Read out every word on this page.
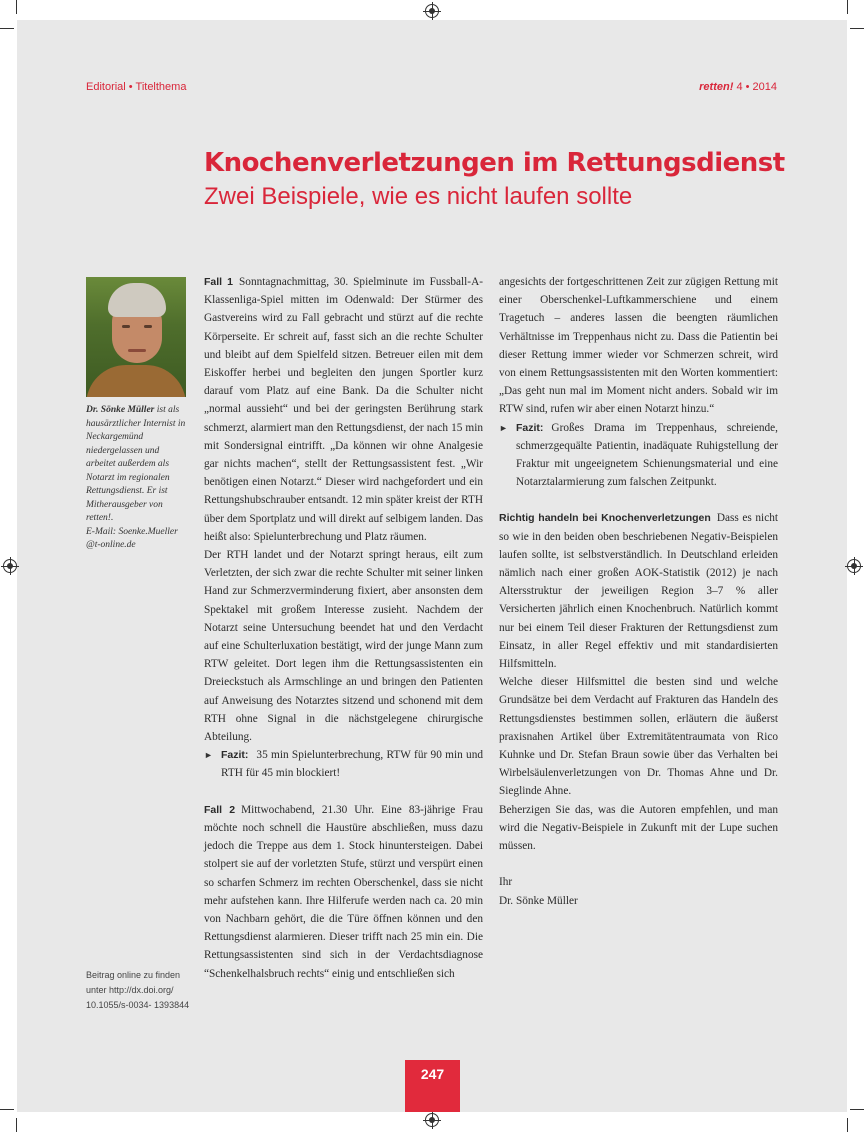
Editorial • Titelthema	retten! 4 • 2014
Knochenverletzungen im Rettungsdienst
Zwei Beispiele, wie es nicht laufen sollte
Dr. Sönke Müller ist als hausärztlicher Internist in Neckargemünd niedergelassen und arbeitet außerdem als Notarzt im regionalen Rettungsdienst. Er ist Mitherausgeber von retten!.
E-Mail: Soenke.Mueller @t-online.de
Beitrag online zu finden unter http://dx.doi.org/ 10.1055/s-0034- 1393844

Fall 1 Sonntagnachmittag, 30. Spielminute im Fussball-A-Klassenliga-Spiel mitten im Odenwald: Der Stürmer des Gastvereins wird zu Fall gebracht und stürzt auf die rechte Körperseite. Er schreit auf, fasst sich an die rechte Schulter und bleibt auf dem Spielfeld sitzen. Betreuer eilen mit dem Eiskoffer herbei und begleiten den jungen Sportler kurz darauf vom Platz auf eine Bank. Da die Schulter nicht „normal aussieht“ und bei der geringsten Berührung stark schmerzt, alarmiert man den Rettungsdienst, der nach 15 min mit Sondersignal eintrifft. „Da können wir ohne Analgesie gar nichts machen“, stellt der Rettungsassistent fest. „Wir benötigen einen Notarzt.“ Dieser wird nachgefordert und ein Rettungshubschrauber entsandt. 12 min später kreist der RTH über dem Sportplatz und will direkt auf selbigem landen. Das heißt also: Spielunterbrechung und Platz räumen.

Der RTH landet und der Notarzt springt heraus, eilt zum Verletzten, der sich zwar die rechte Schulter mit seiner linken Hand zur Schmerzverminderung fixiert, aber ansonsten dem Spektakel mit großem Interesse zusieht. Nachdem der Notarzt seine Untersuchung beendet hat und den Verdacht auf eine Schulterluxation bestätigt, wird der junge Mann zum RTW geleitet. Dort legen ihm die Rettungsassistenten ein Dreieckstuch als Armschlinge an und bringen den Patienten auf Anweisung des Notarztes sitzend und schonend mit dem RTH ohne Signal in die nächstgelegene chirurgische Abteilung.

► Fazit: 35 min Spielunterbrechung, RTW für 90 min und RTH für 45 min blockiert!

Fall 2 Mittwochabend, 21.30 Uhr. Eine 83-jährige Frau möchte noch schnell die Haustüre abschließen, muss dazu jedoch die Treppe aus dem 1. Stock hinuntersteigen. Dabei stolpert sie auf der vorletzten Stufe, stürzt und verspürt einen so scharfen Schmerz im rechten Oberschenkel, dass sie nicht mehr aufstehen kann. Ihre Hilferufe werden nach ca. 20 min von Nachbarn gehört, die die Türe öffnen können und den Rettungsdienst alarmieren. Dieser trifft nach 25 min ein. Die Rettungsassistenten sind sich in der Verdachtsdiagnose “Schenkelhalsbruch rechts“ einig und entschließen sich

angesichts der fortgeschrittenen Zeit zur zügigen Rettung mit einer Oberschenkel-Luftkammerschiene und einem Tragetuch – anderes lassen die beengten räumlichen Verhältnisse im Treppenhaus nicht zu. Dass die Patientin bei dieser Rettung immer wieder vor Schmerzen schreit, wird von einem Rettungsassistenten mit den Worten kommentiert: „Das geht nun mal im Moment nicht anders. Sobald wir im RTW sind, rufen wir aber einen Notarzt hinzu.“

► Fazit: Großes Drama im Treppenhaus, schreiende, schmerzgequälte Patientin, inadäquate Ruhigstellung der Fraktur mit ungeeignetem Schienungsmaterial und eine Notarztalarmierung zum falschen Zeitpunkt.

Richtig handeln bei Knochenverletzungen Dass es nicht so wie in den beiden oben beschriebenen Negativ-Beispielen laufen sollte, ist selbstverständlich. In Deutschland erleiden nämlich nach einer großen AOK-Statistik (2012) je nach Altersstruktur der jeweiligen Region 3–7 % aller Versicherten jährlich einen Knochenbruch. Natürlich kommt nur bei einem Teil dieser Frakturen der Rettungsdienst zum Einsatz, in aller Regel effektiv und mit standardisierten Hilfsmitteln.

Welche dieser Hilfsmittel die besten sind und welche Grundsätze bei dem Verdacht auf Frakturen das Handeln des Rettungsdienstes bestimmen sollen, erläutern die äußerst praxisnahen Artikel über Extremitätentraumata von Rico Kuhnke und Dr. Stefan Braun sowie über das Verhalten bei Wirbelsäulenverletzungen von Dr. Thomas Ahne und Dr. Sieglinde Ahne.

Beherzigen Sie das, was die Autoren empfehlen, und man wird die Negativ-Beispiele in Zukunft mit der Lupe suchen müssen.

Ihr

Dr. Sönke Müller

247
